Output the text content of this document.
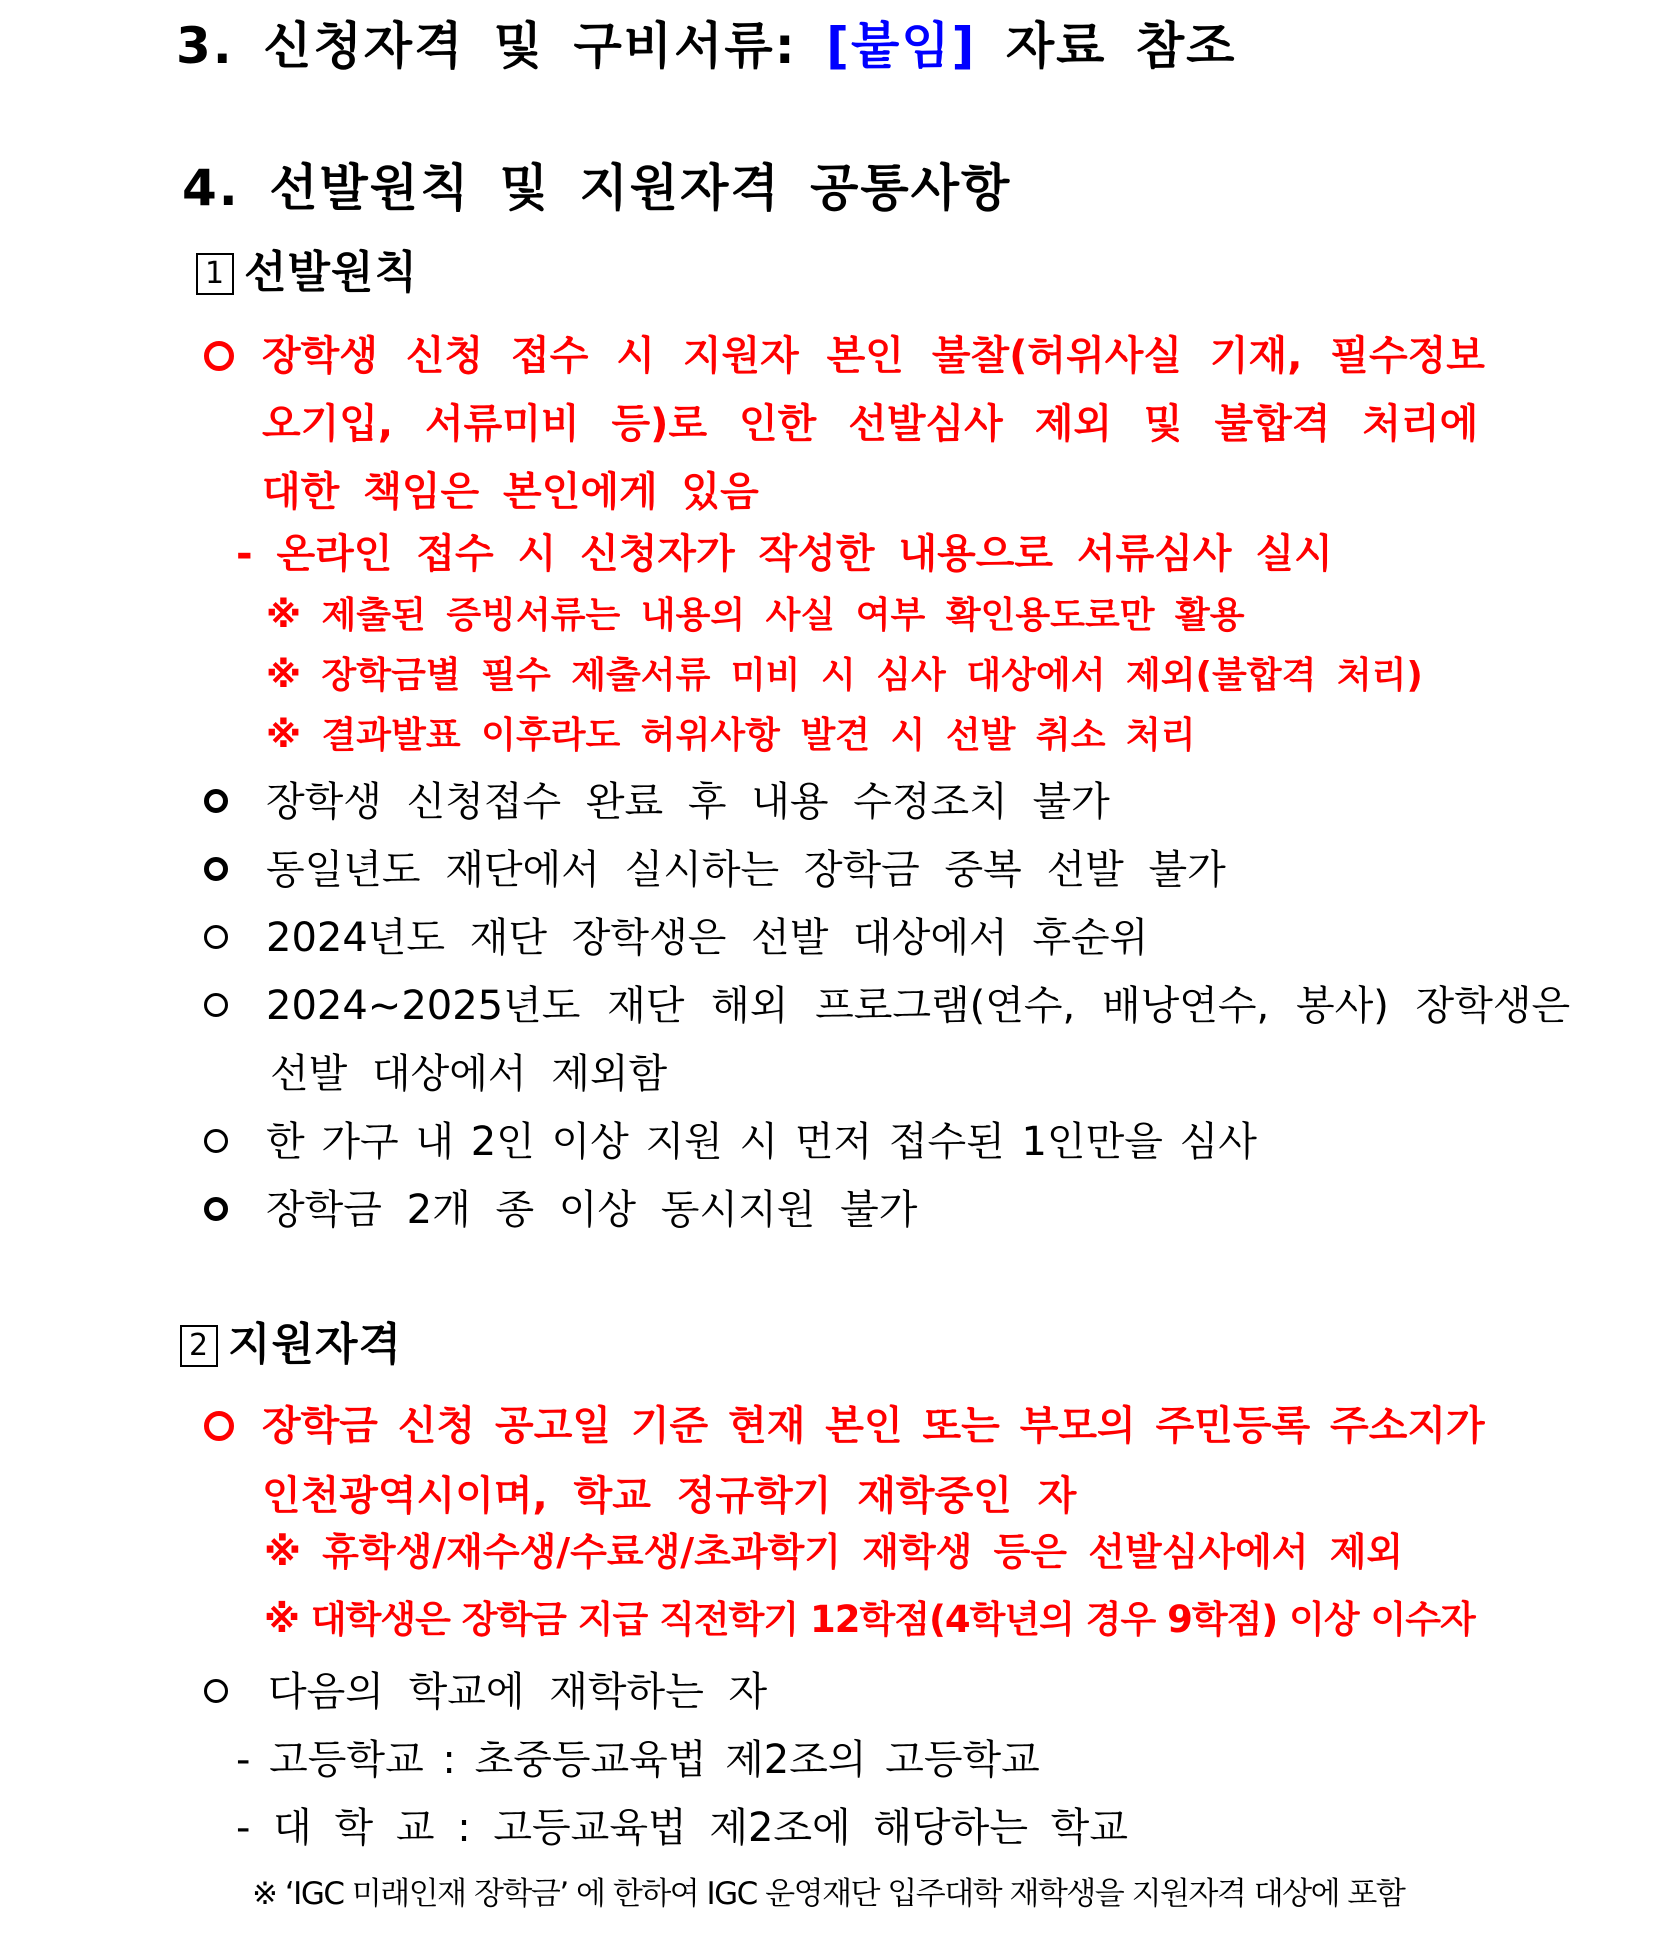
3. 신청자격 및 구비서류: [붙임] 자료 참조
4. 선발원칙 및 지원자격 공통사항
1 선발원칙
장학생 신청 접수 시 지원자 본인 불찰(허위사실 기재, 필수정보
오기입, 서류미비 등)로 인한 선발심사 제외 및 불합격 처리에
대한 책임은 본인에게 있음
- 온라인 접수 시 신청자가 작성한 내용으로 서류심사 실시
※ 제출된 증빙서류는 내용의 사실 여부 확인용도로만 활용
※ 장학금별 필수 제출서류 미비 시 심사 대상에서 제외(불합격 처리)
※ 결과발표 이후라도 허위사항 발견 시 선발 취소 처리
장학생 신청접수 완료 후 내용 수정조치 불가
동일년도 재단에서 실시하는 장학금 중복 선발 불가
2024년도 재단 장학생은 선발 대상에서 후순위
2024~2025년도 재단 해외 프로그램(연수, 배낭연수, 봉사) 장학생은
선발 대상에서 제외함
한 가구 내 2인 이상 지원 시 먼저 접수된 1인만을 심사
장학금 2개 종 이상 동시지원 불가
2 지원자격
장학금 신청 공고일 기준 현재 본인 또는 부모의 주민등록 주소지가
인천광역시이며, 학교 정규학기 재학중인 자
※ 휴학생/재수생/수료생/초과학기 재학생 등은 선발심사에서 제외
※ 대학생은 장학금 지급 직전학기 12학점(4학년의 경우 9학점) 이상 이수자
다음의 학교에 재학하는 자
- 고등학교 : 초중등교육법 제2조의 고등학교
- 대 학 교 : 고등교육법 제2조에 해당하는 학교
※ ‘IGC 미래인재 장학금’ 에 한하여 IGC 운영재단 입주대학 재학생을 지원자격 대상에 포함
